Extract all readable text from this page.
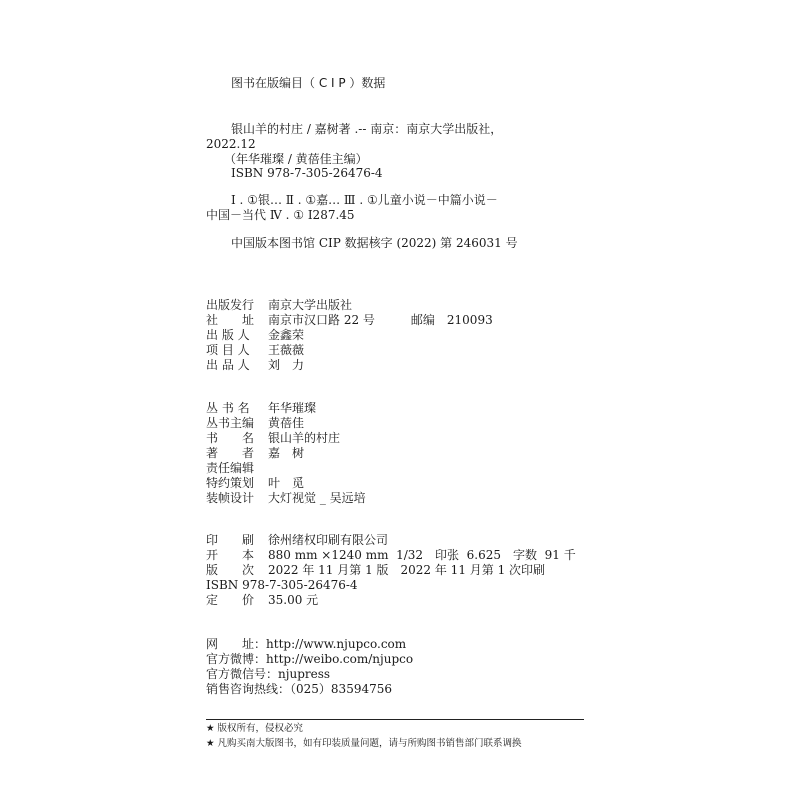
图书在版编目（ C I P ）数据
银山羊的村庄 / 嘉树著 .-- 南京：南京大学出版社，
2022.12
（年华璀璨 / 黄蓓佳主编）
ISBN 978-7-305-26476-4
Ⅰ . ①银… Ⅱ . ①嘉… Ⅲ . ①儿童小说－中篇小说－
中国－当代 Ⅳ . ① I287.45
中国版本图书馆 CIP 数据核字 (2022) 第 246031 号
出版发行 南京大学出版社
社　　址 南京市汉口路 22 号　　　邮编　210093
出 版 人 金鑫荣
项 目 人 王薇薇
出 品 人 刘　力
丛 书 名 年华璀璨
丛书主编 黄蓓佳
书　　名 银山羊的村庄
著　　者 嘉　树
责任编辑
特约策划 叶　觅
装帧设计 大灯视觉 _ 吴远培
印　　刷 徐州绪权印刷有限公司
开　　本 880 mm ×1240 mm  1/32　印张  6.625　字数  91 千
版　　次 2022 年 11 月第 1 版　2022 年 11 月第 1 次印刷
ISBN 978-7-305-26476-4
定　　价 35.00 元
网　　址：http://www.njupco.com
官方微博：http://weibo.com/njupco
官方微信号：njupress
销售咨询热线：（025）83594756
★ 版权所有，侵权必究
★ 凡购买南大版图书，如有印装质量问题，请与所购图书销售部门联系调换
